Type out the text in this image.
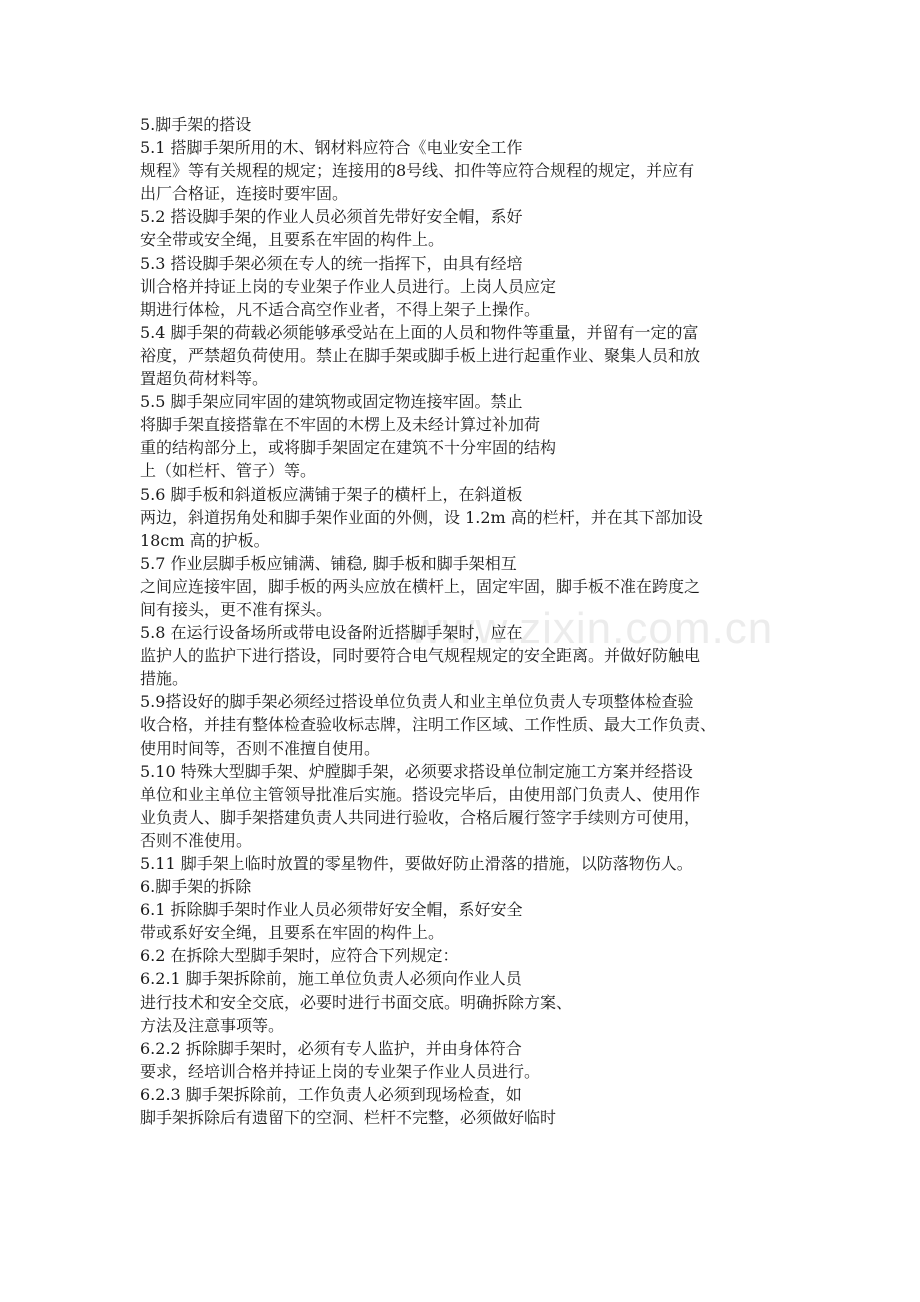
www.zixin.com.cn
5.脚手架的搭设
5.1 搭脚手架所用的木、钢材料应符合《电业安全工作
规程》等有关规程的规定；连接用的8号线、扣件等应符合规程的规定，并应有
出厂合格证，连接时要牢固。
5.2 搭设脚手架的作业人员必须首先带好安全帽，系好
安全带或安全绳，且要系在牢固的构件上。
5.3 搭设脚手架必须在专人的统一指挥下，由具有经培
训合格并持证上岗的专业架子作业人员进行。上岗人员应定
期进行体检，凡不适合高空作业者，不得上架子上操作。
5.4 脚手架的荷载必须能够承受站在上面的人员和物件等重量，并留有一定的富
裕度，严禁超负荷使用。禁止在脚手架或脚手板上进行起重作业、聚集人员和放
置超负荷材料等。
5.5 脚手架应同牢固的建筑物或固定物连接牢固。禁止
将脚手架直接搭靠在不牢固的木楞上及未经计算过补加荷
重的结构部分上，或将脚手架固定在建筑不十分牢固的结构
上（如栏杆、管子）等。
5.6 脚手板和斜道板应满铺于架子的横杆上，在斜道板
两边，斜道拐角处和脚手架作业面的外侧，设 1.2m 高的栏杆，并在其下部加设
18cm 高的护板。
5.7 作业层脚手板应铺满、铺稳, 脚手板和脚手架相互
之间应连接牢固，脚手板的两头应放在横杆上，固定牢固，脚手板不准在跨度之
间有接头，更不准有探头。
5.8 在运行设备场所或带电设备附近搭脚手架时，应在
监护人的监护下进行搭设，同时要符合电气规程规定的安全距离。并做好防触电
措施。
5.9搭设好的脚手架必须经过搭设单位负责人和业主单位负责人专项整体检查验
收合格，并挂有整体检查验收标志牌，注明工作区域、工作性质、最大工作负责、
使用时间等，否则不准擅自使用。
5.10 特殊大型脚手架、炉膛脚手架，必须要求搭设单位制定施工方案并经搭设
单位和业主单位主管领导批准后实施。搭设完毕后，由使用部门负责人、使用作
业负责人、脚手架搭建负责人共同进行验收，合格后履行签字手续则方可使用，
否则不准使用。
5.11 脚手架上临时放置的零星物件，要做好防止滑落的措施，以防落物伤人。
6.脚手架的拆除
6.1 拆除脚手架时作业人员必须带好安全帽，系好安全
带或系好安全绳，且要系在牢固的构件上。
6.2 在拆除大型脚手架时，应符合下列规定：
6.2.1 脚手架拆除前，施工单位负责人必须向作业人员
进行技术和安全交底，必要时进行书面交底。明确拆除方案、
方法及注意事项等。
6.2.2 拆除脚手架时，必须有专人监护，并由身体符合
要求，经培训合格并持证上岗的专业架子作业人员进行。
6.2.3 脚手架拆除前，工作负责人必须到现场检查，如
脚手架拆除后有遗留下的空洞、栏杆不完整，必须做好临时
